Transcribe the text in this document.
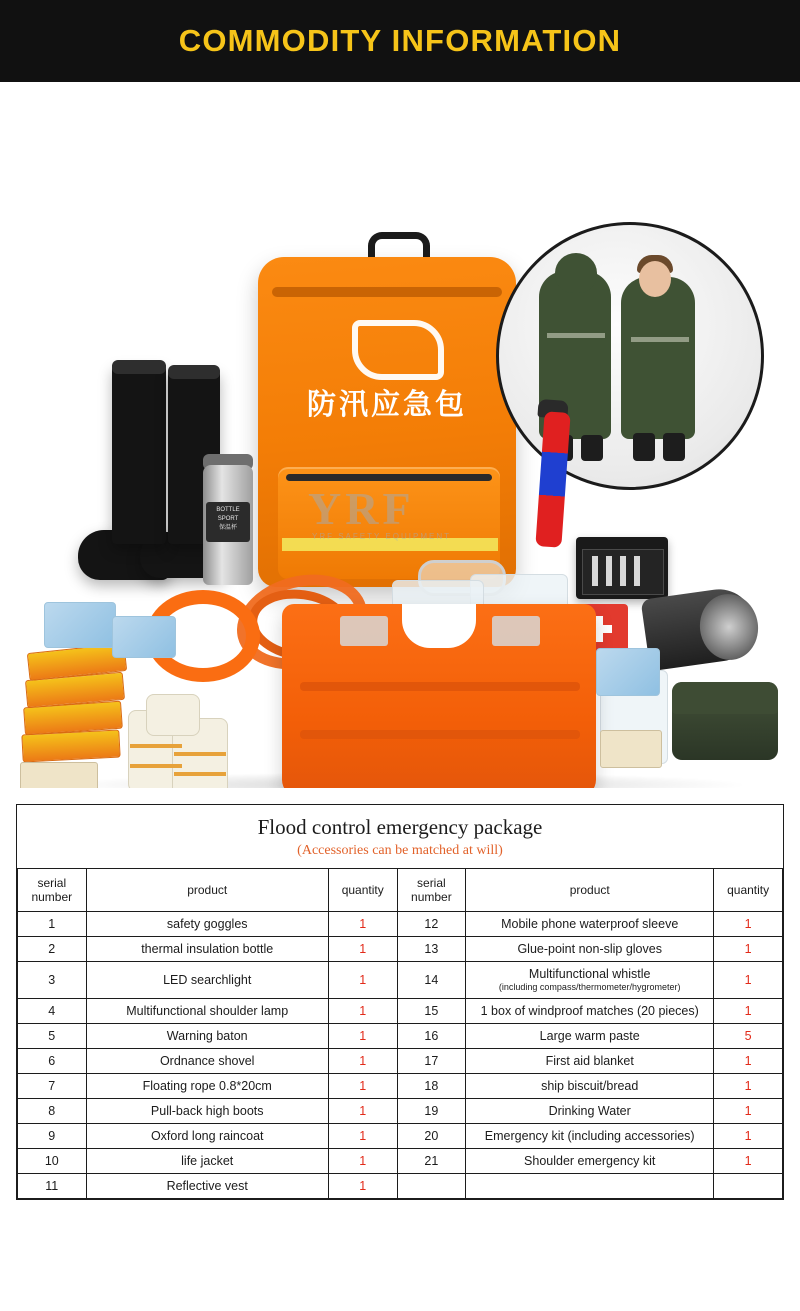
COMMODITY INFORMATION
防汛应急包
BOTTLE
SPORT
保温杯 YRF
YRF SAFETY EQUIPMENT
Flood control emergency package
(Accessories can be matched at will)					

serial
number	product	quantity	serial
number	product	quantity
1	safety goggles	1	12	Mobile phone waterproof sleeve	1
2	thermal insulation bottle	1	13	Glue-point non-slip gloves	1
3	LED searchlight	1	14	Multifunctional whistle
(including compass/thermometer/hygrometer)	1
4	Multifunctional shoulder lamp	1	15	1 box of windproof matches (20 pieces)	1
5	Warning baton	1	16	Large warm paste	5
6	Ordnance shovel	1	17	First aid blanket	1
7	Floating rope 0.8*20cm	1	18	ship biscuit/bread	1
8	Pull-back high boots	1	19	Drinking Water	1
9	Oxford long raincoat	1	20	Emergency kit (including accessories)	1
10	life jacket	1	21	Shoulder emergency kit	1
11	Reflective vest	1			
